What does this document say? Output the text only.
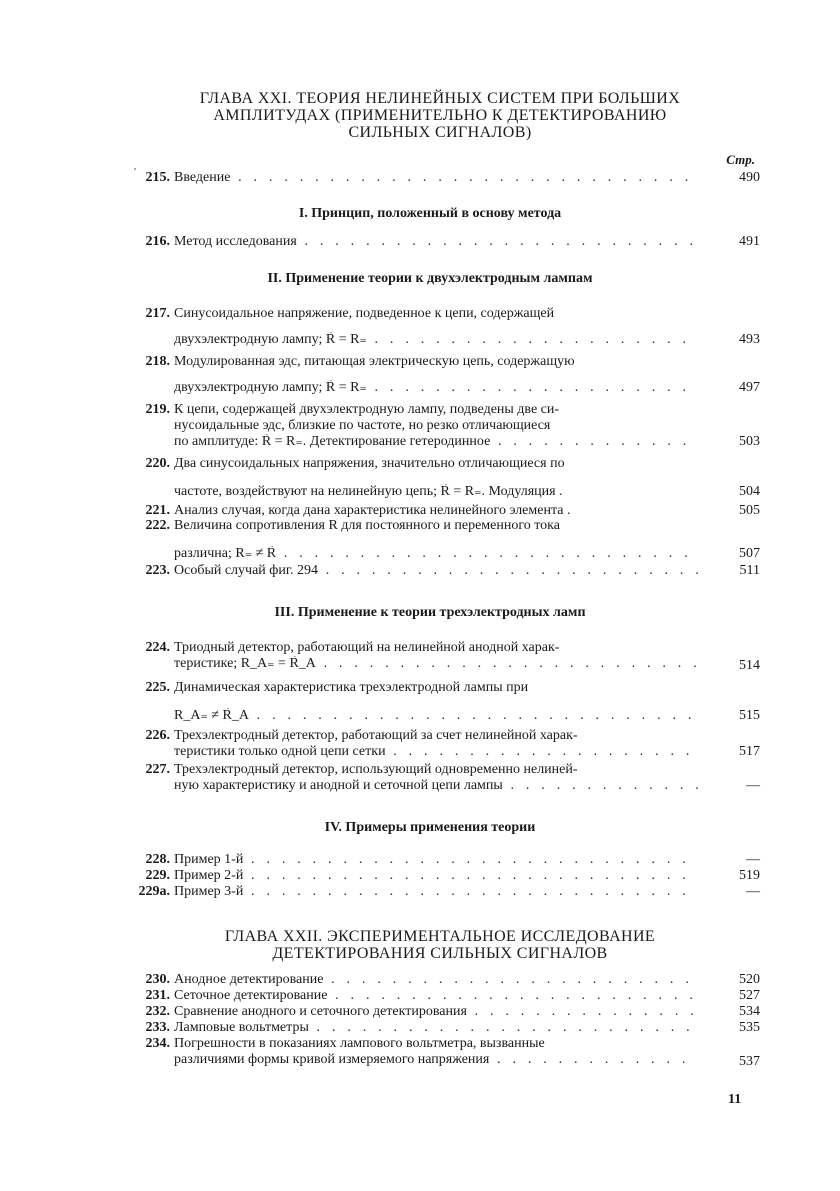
ГЛАВА XXI. ТЕОРИЯ НЕЛИНЕЙНЫХ СИСТЕМ ПРИ БОЛЬШИХ
АМПЛИТУДАХ (ПРИМЕНИТЕЛЬНО К ДЕТЕКТИРОВАНИЮ
СИЛЬНЫХ СИГНАЛОВ)
Стр.
′ 215. Введение . . .	490
I. Принцип, положенный в основу метода
216. Метод исследования . . .	491
II. Применение теории к двухэлектродным лампам
217. Синусоидальное напряжение, подведенное к цепи, содержащей
двухэлектродную лампу; R̃ = R₌ . . .	493
218. Модулированная эдс, питающая электрическую цепь, содержащую
двухэлектродную лампу; R̃ = R₌ . . .	497
219. К цепи, содержащей двухэлектродную лампу, подведены две си-
нусоидальные эдс, близкие по частоте, но резко отличающиеся
по амплитуде: R̃ = R₌. Детектирование гетеродинное . . .	503
220. Два синусоидальных напряжения, значительно отличающиеся по
частоте, воздействуют на нелинейную цепь; R̃ = R₌. Модуляция .	504
221. Анализ случая, когда дана характеристика нелинейного элемента .	505
222. Величина сопротивления R для постоянного и переменного тока
различна; R₌ ≠ R̃ . . .	507
223. Особый случай фиг. 294 . . .	511
III. Применение к теории трехэлектродных ламп
224. Триодный детектор, работающий на нелинейной анодной харак-
теристике; R_A₌ = R̃_A . . .	514
225. Динамическая характеристика трехэлектродной лампы при
R_A₌ ≠ R̃_A . . .	515
226. Трехэлектродный детектор, работающий за счет нелинейной харак-
теристики только одной цепи сетки . . .	517
227. Трехэлектродный детектор, использующий одновременно нелиней-
ную характеристику и анодной и сеточной цепи лампы . . .	—
IV. Примеры применения теории
228. Пример 1-й . . .	—
229. Пример 2-й . . .	519
229а. Пример 3-й . . .	—
ГЛАВА XXII. ЭКСПЕРИМЕНТАЛЬНОЕ ИССЛЕДОВАНИЕ
ДЕТЕКТИРОВАНИЯ СИЛЬНЫХ СИГНАЛОВ
230. Анодное детектирование . . .	520
231. Сеточное детектирование . . .	527
232. Сравнение анодного и сеточного детектирования . . .	534
233. Ламповые вольтметры . . .	535
234. Погрешности в показаниях лампового вольтметра, вызванные
различиями формы кривой измеряемого напряжения . . .	537
11
